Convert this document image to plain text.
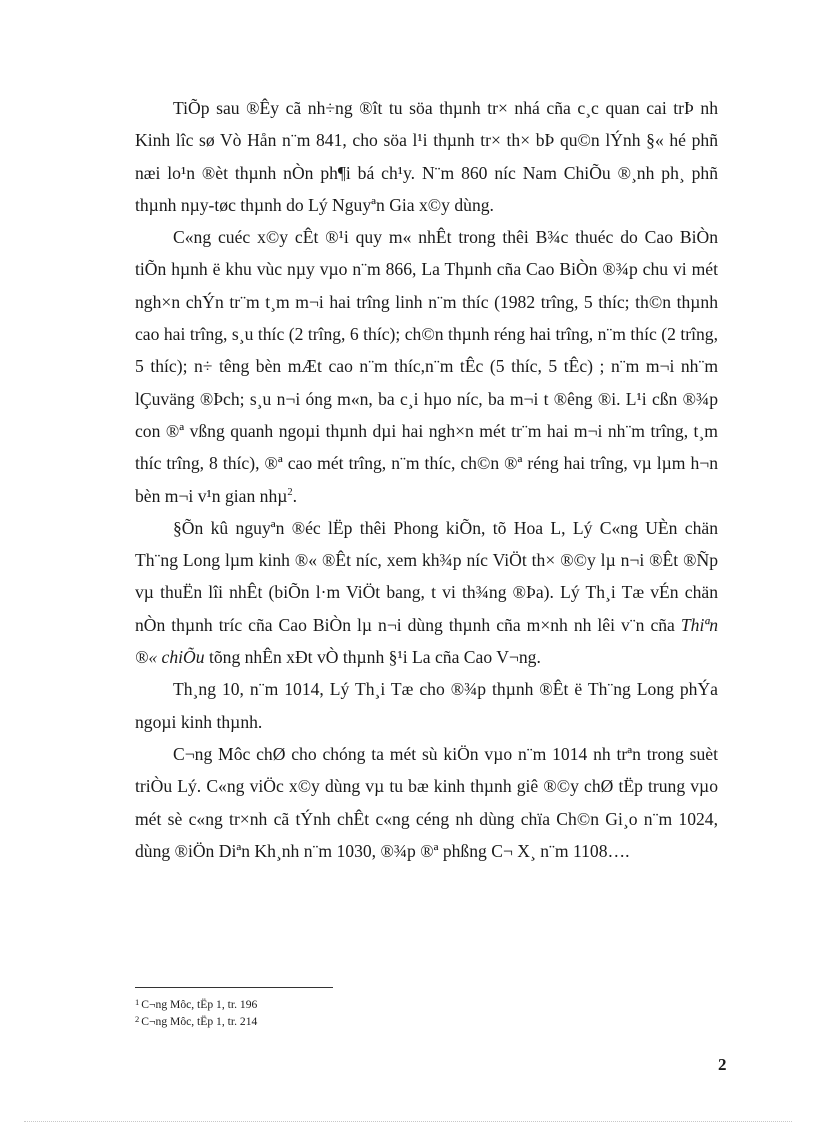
TiÕp sau ®Êy cã nh÷ng ®ît tu söa thµnh tr× nhá cña c¸c quan cai trÞ nh Kinh lîc sø Vò Hån n¨m 841, cho söa l¹i thµnh tr× th× bÞ qu©n lÝnh §« hé phñ næi lo¹n ®èt thµnh nÒn ph¶i bá ch¹y. N¨m 860 níc Nam ChiÕu ®¸nh ph¸ phñ thµnh nµy-tøc thµnh do Lý Nguyªn Gia x©y dùng.

C«ng cuéc x©y cÊt ®¹i quy m« nhÊt trong thêi B¾c thuéc do Cao BiÒn tiÕn hµnh ë khu vùc nµy vµo n¨m 866, La Thµnh cña Cao BiÒn ®¾p chu vi mét ngh×n chÝn tr¨m t¸m m¬i hai trîng linh n¨m thíc (1982 trîng, 5 thíc; th©n thµnh cao hai trîng, s¸u thíc (2 trîng, 6 thíc); ch©n thµnh réng hai trîng, n¨m thíc (2 trîng, 5 thíc); n÷ têng bèn mÆt cao n¨m thíc,n¨m tÊc (5 thíc, 5 tÊc) ; n¨m m¬i nh¨m lÇuväng ®Þch; s¸u n¬i óng m«n, ba c¸i hµo níc, ba m¬i t ®êng ®i. L¹i cßn ®¾p con ®ª vßng quanh ngoµi thµnh dµi hai ngh×n mét tr¨m hai m¬i nh¨m trîng, t¸m thíc trîng, 8 thíc), ®ª cao mét trîng, n¨m thíc, ch©n ®ª réng hai trîng, vµ lµm h¬n bèn m¬i v¹n gian nhµ$^2$.

§Õn kû nguyªn ®éc lËp thêi Phong kiÕn, tõ Hoa L, Lý C«ng UÈn chän Th¨ng Long lµm kinh ®« ®Êt níc, xem kh¾p níc ViÖt th× ®©y lµ n¬i ®Êt ®Ñp vµ thuËn lîi nhÊt (biÕn l·m ViÖt bang, t vi th¾ng ®Þa). Lý Th¸i Tæ vÉn chän nÒn thµnh tríc cña Cao BiÒn lµ n¬i dùng thµnh cña m×nh nh lêi v¨n cña Thiªn ®« chiÕu tõng nhÊn xÐt vÒ thµnh §¹i La cña Cao V¬ng.

Th¸ng 10, n¨m 1014, Lý Th¸i Tæ cho ®¾p thµnh ®Êt ë Th¨ng Long phÝa ngoµi kinh thµnh.

C¬ng Môc chØ cho chóng ta mét sù kiÖn vµo n¨m 1014 nh trªn trong suèt triÒu Lý. C«ng viÖc x©y dùng vµ tu bæ kinh thµnh giê ®©y chØ tËp trung vµo mét sè c«ng tr×nh cã tÝnh chÊt c«ng céng nh dùng chïa Ch©n Gi¸o n¨m 1024, dùng ®iÖn Diªn Kh¸nh n¨m 1030, ®¾p ®ª phßng C¬ X¸ n¨m 1108….

$^1$ C¬ng Môc, tËp 1, tr. 196
$^2$ C¬ng Môc, tËp 1, tr. 214
2
